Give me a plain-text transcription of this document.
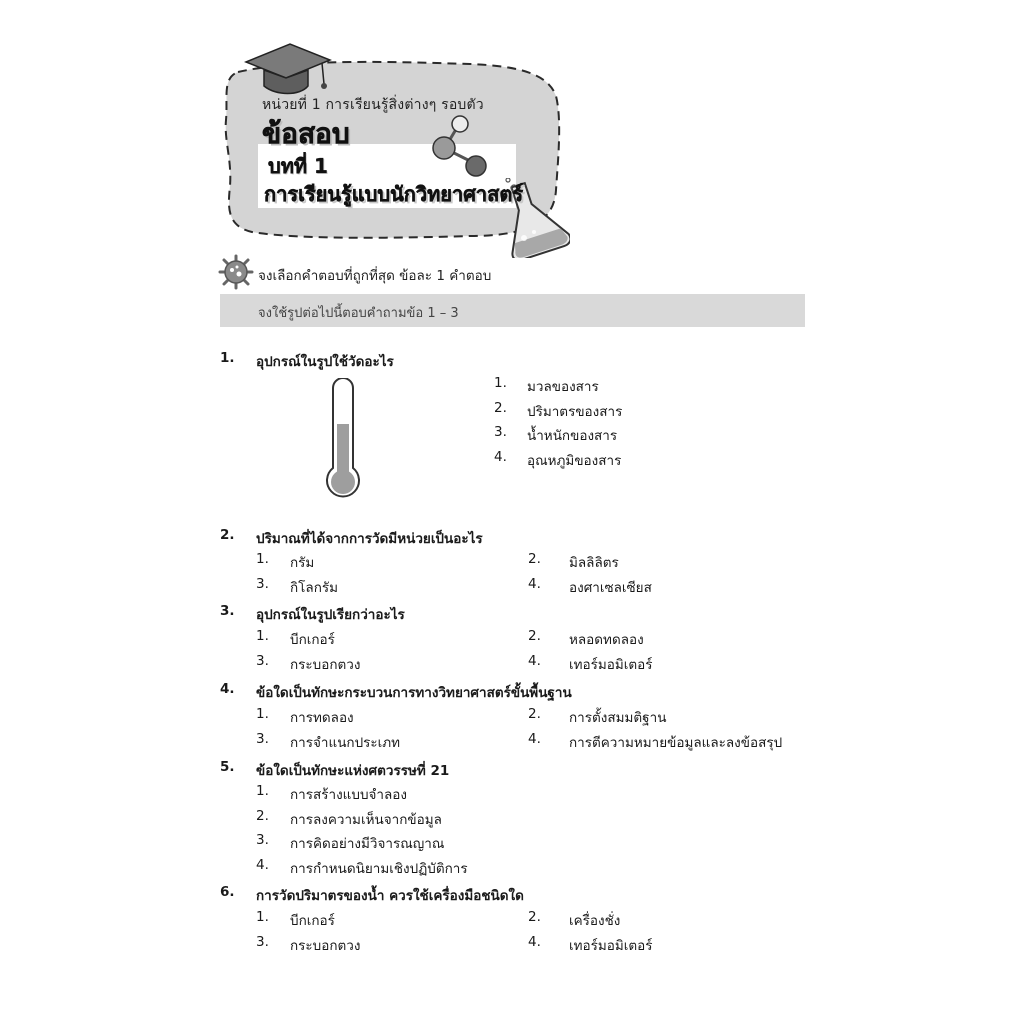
หน่วยที่ 1 การเรียนรู้สิ่งต่างๆ รอบตัว
ข้อสอบ
บทที่ 1
การเรียนรู้แบบนักวิทยาศาสตร์
จงเลือกคำตอบที่ถูกที่สุด ข้อละ 1 คำตอบ
จงใช้รูปต่อไปนี้ตอบคำถามข้อ 1 – 3
1. อุปกรณ์ในรูปใช้วัดอะไร
1. มวลของสาร
2. ปริมาตรของสาร
3. น้ำหนักของสาร
4. อุณหภูมิของสาร
2. ปริมาณที่ได้จากการวัดมีหน่วยเป็นอะไร
1. กรัม	2. มิลลิลิตร
3. กิโลกรัม	4. องศาเซลเซียส
3. อุปกรณ์ในรูปเรียกว่าอะไร
1. บีกเกอร์	2. หลอดทดลอง
3. กระบอกตวง	4. เทอร์มอมิเตอร์
4. ข้อใดเป็นทักษะกระบวนการทางวิทยาศาสตร์ขั้นพื้นฐาน
1. การทดลอง	2. การตั้งสมมติฐาน
3. การจำแนกประเภท	4. การตีความหมายข้อมูลและลงข้อสรุป
5. ข้อใดเป็นทักษะแห่งศตวรรษที่ 21
1. การสร้างแบบจำลอง
2. การลงความเห็นจากข้อมูล
3. การคิดอย่างมีวิจารณญาณ
4. การกำหนดนิยามเชิงปฏิบัติการ
6. การวัดปริมาตรของน้ำ ควรใช้เครื่องมือชนิดใด
1. บีกเกอร์	2. เครื่องชั่ง
3. กระบอกตวง	4. เทอร์มอมิเตอร์
